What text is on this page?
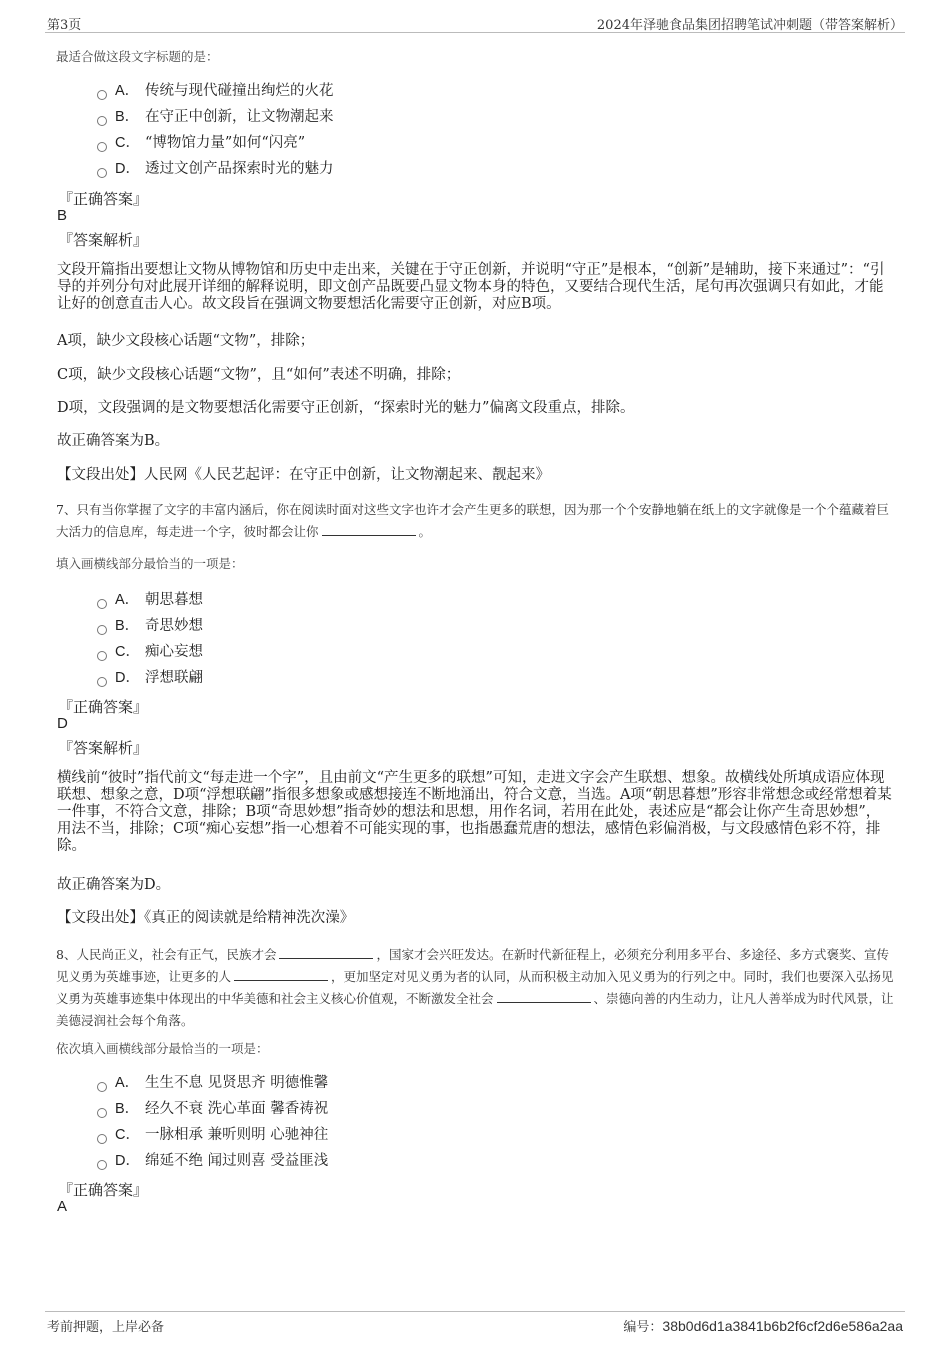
第3页	2024年泽驰食品集团招聘笔试冲刺题（带答案解析）
最适合做这段文字标题的是：
A． 传统与现代碰撞出绚烂的火花
B． 在守正中创新，让文物潮起来
C． “博物馆力量”如何“闪亮”
D． 透过文创产品探索时光的魅力
『正确答案』
B
『答案解析』
文段开篇指出要想让文物从博物馆和历史中走出来，关键在于守正创新，并说明“守正”是根本，“创新”是辅助，接下来通过”：“引导的并列分句对此展开详细的解释说明，即文创产品既要凸显文物本身的特色，又要结合现代生活，尾句再次强调只有如此，才能让好的创意直击人心。故文段旨在强调文物要想活化需要守正创新，对应B项。
A项，缺少文段核心话题“文物”，排除；
C项，缺少文段核心话题“文物”，且“如何”表述不明确，排除；
D项，文段强调的是文物要想活化需要守正创新，“探索时光的魅力”偏离文段重点，排除。
故正确答案为B。
【文段出处】人民网《人民艺起评：在守正中创新，让文物潮起来、靓起来》
7、只有当你掌握了文字的丰富内涵后，你在阅读时面对这些文字也许才会产生更多的联想，因为那一个个安静地躺在纸上的文字就像是一个个蕴藏着巨大活力的信息库，每走进一个字，彼时都会让你	。
填入画横线部分最恰当的一项是：
A． 朝思暮想
B． 奇思妙想
C． 痴心妄想
D． 浮想联翩
『正确答案』
D
『答案解析』
横线前“彼时”指代前文“每走进一个字”，且由前文“产生更多的联想”可知，走进文字会产生联想、想象。故横线处所填成语应体现联想、想象之意，D项“浮想联翩”指很多想象或感想接连不断地涌出，符合文意，当选。A项“朝思暮想”形容非常想念或经常想着某一件事，不符合文意，排除；B项“奇思妙想”指奇妙的想法和思想，用作名词，若用在此处，表述应是“都会让你产生奇思妙想”，用法不当，排除；C项“痴心妄想”指一心想着不可能实现的事，也指愚蠢荒唐的想法，感情色彩偏消极，与文段感情色彩不符，排除。
故正确答案为D。
【文段出处】《真正的阅读就是给精神洗次澡》
8、人民尚正义，社会有正气，民族才会	，国家才会兴旺发达。在新时代新征程上，必须充分利用多平台、多途径、多方式褒奖、宣传见义勇为英雄事迹，让更多的人	，更加坚定对见义勇为者的认同，从而积极主动加入见义勇为的行列之中。同时，我们也要深入弘扬见义勇为英雄事迹集中体现出的中华美德和社会主义核心价值观，不断激发全社会	、崇德向善的内生动力，让凡人善举成为时代风景，让美德浸润社会每个角落。
依次填入画横线部分最恰当的一项是：
A． 生生不息 见贤思齐 明德惟馨
B． 经久不衰 洗心革面 馨香祷祝
C． 一脉相承 兼听则明 心驰神往
D． 绵延不绝 闻过则喜 受益匪浅
『正确答案』
A
考前押题，上岸必备	编号：38b0d6d1a3841b6b2f6cf2d6e586a2aa
